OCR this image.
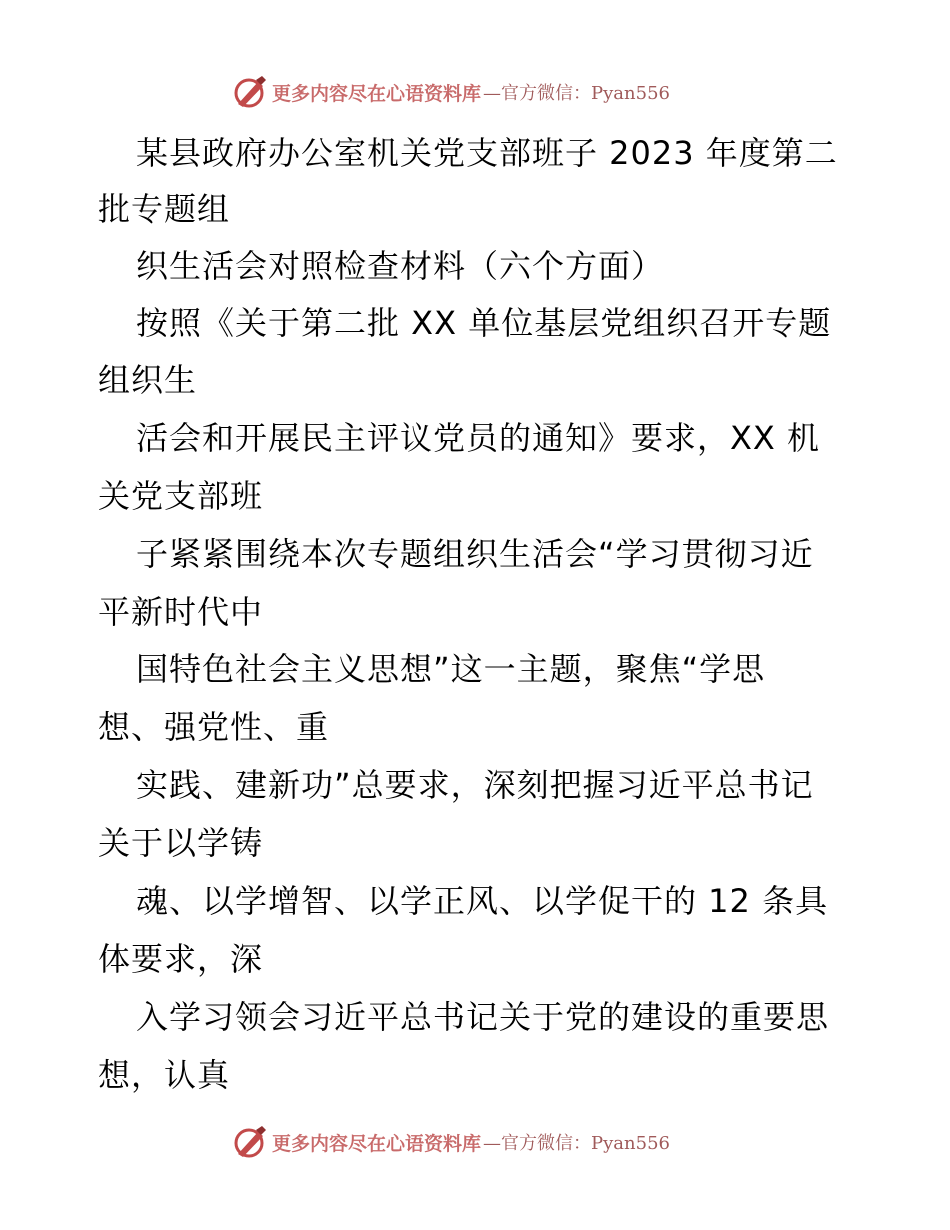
更多内容尽在心语资料库 —官方微信：Pyan556
某县政府办公室机关党支部班子 2023 年度第二
批专题组
织生活会对照检查材料（六个方面）
按照《关于第二批 XX 单位基层党组织召开专题
组织生
活会和开展民主评议党员的通知》要求，XX 机
关党支部班
子紧紧围绕本次专题组织生活会“学习贯彻习近
平新时代中
国特色社会主义思想”这一主题，聚焦“学思
想、强党性、重
实践、建新功”总要求，深刻把握习近平总书记
关于以学铸
魂、以学增智、以学正风、以学促干的 12 条具
体要求，深
入学习领会习近平总书记关于党的建设的重要思
想，认真
更多内容尽在心语资料库 —官方微信：Pyan556
